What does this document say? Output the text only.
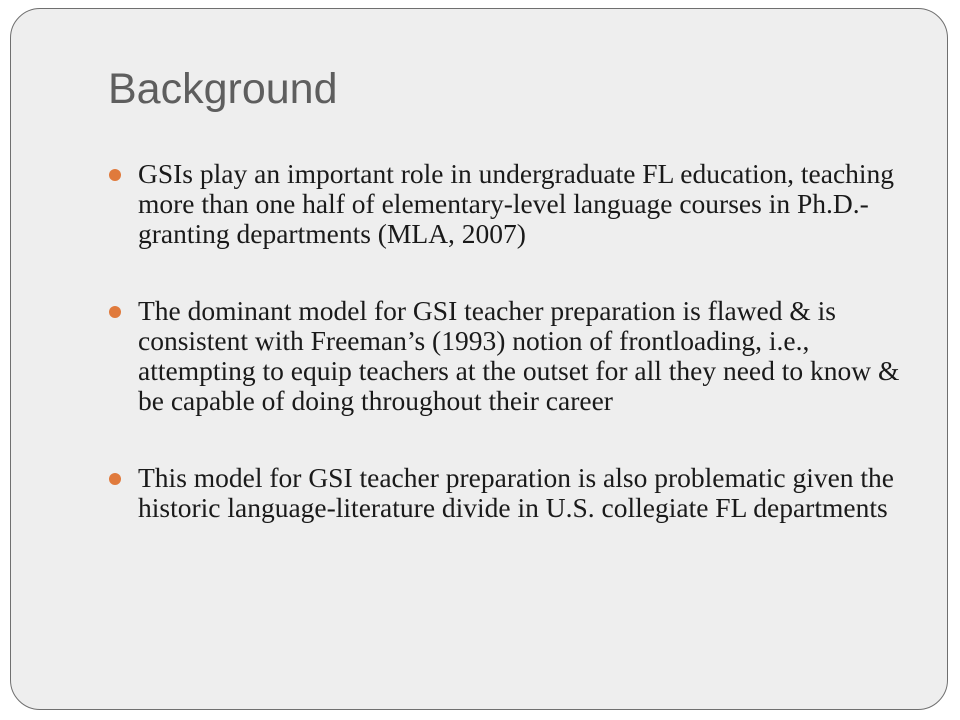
Background
GSIs play an important role in undergraduate FL education, teaching more than one half of elementary-level language courses in Ph.D.-granting departments (MLA, 2007)
The dominant model for GSI teacher preparation is flawed & is consistent with Freeman’s (1993) notion of frontloading, i.e., attempting to equip teachers at the outset for all they need to know & be capable of doing throughout their career
This model for GSI teacher preparation is also problematic given the historic language-literature divide in U.S. collegiate FL departments
